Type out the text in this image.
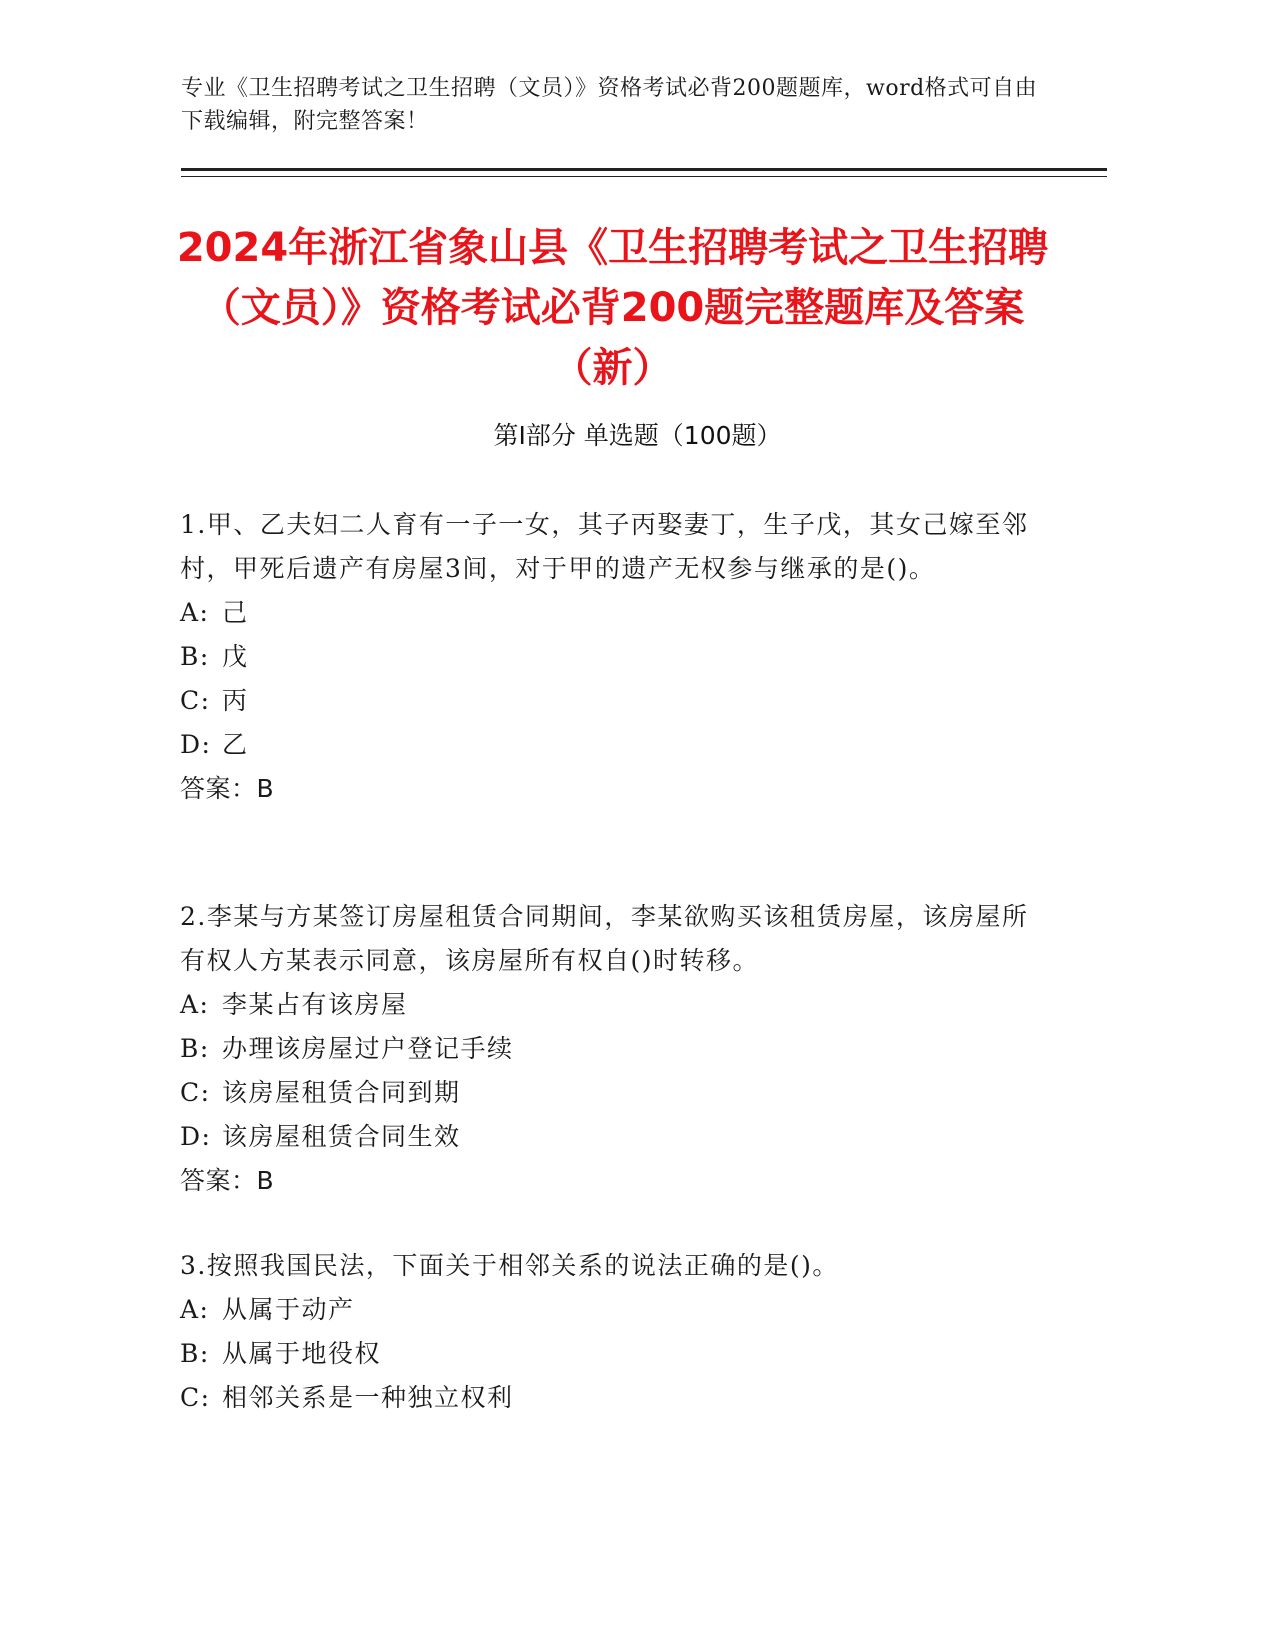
专业《卫生招聘考试之卫生招聘（文员）》资格考试必背200题题库，word格式可自由下载编辑，附完整答案！
2024年浙江省象山县《卫生招聘考试之卫生招聘（文员）》资格考试必背200题完整题库及答案（新）
第Ⅰ部分 单选题（100题）
1.甲、乙夫妇二人育有一子一女，其子丙娶妻丁，生子戊，其女己嫁至邻村，甲死后遗产有房屋3间，对于甲的遗产无权参与继承的是()。
A: 己
B: 戊
C: 丙
D: 乙
答案：B
2.李某与方某签订房屋租赁合同期间，李某欲购买该租赁房屋，该房屋所有权人方某表示同意，该房屋所有权自()时转移。
A: 李某占有该房屋
B: 办理该房屋过户登记手续
C: 该房屋租赁合同到期
D: 该房屋租赁合同生效
答案：B
3.按照我国民法，下面关于相邻关系的说法正确的是()。
A: 从属于动产
B: 从属于地役权
C: 相邻关系是一种独立权利
